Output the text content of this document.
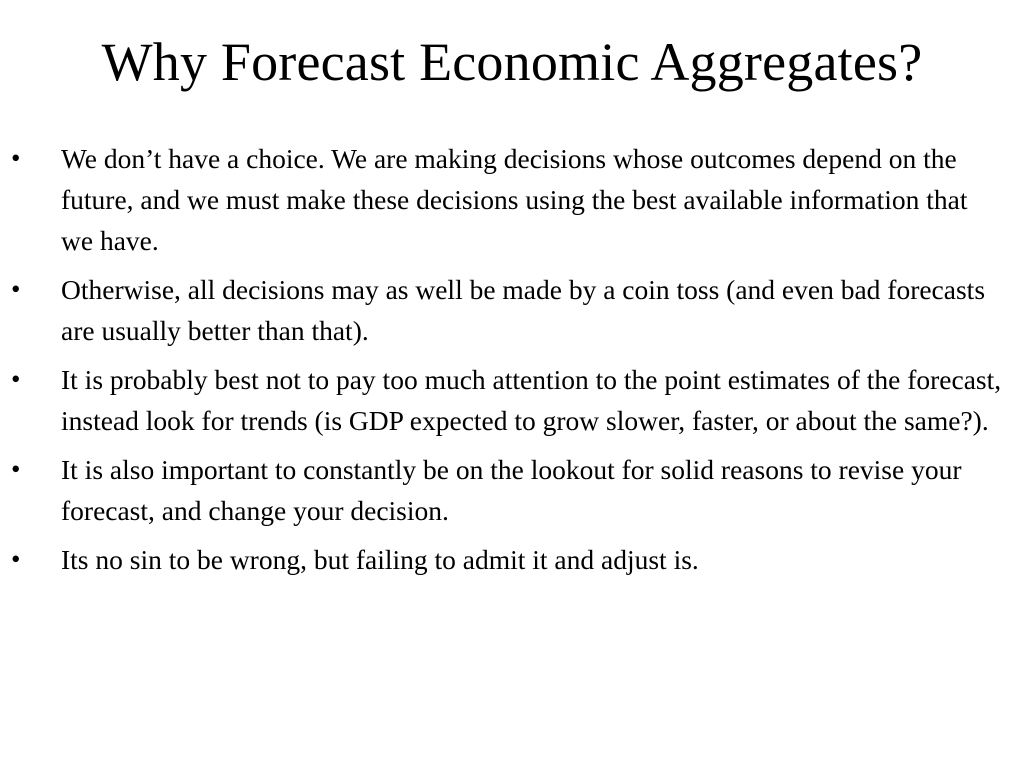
Why Forecast Economic Aggregates?
•	We don’t have a choice. We are making decisions whose outcomes depend on the future, and we must make these decisions using the best available information that we have.
•	Otherwise, all decisions may as well be made by a coin toss (and even bad forecasts are usually better than that).
•	It is probably best not to pay too much attention to the point estimates of the forecast, instead look for trends (is GDP expected to grow slower, faster, or about the same?).
•	It is also important to constantly be on the lookout for solid reasons to revise your forecast, and change your decision.
•	Its no sin to be wrong, but failing to admit it and adjust is.
